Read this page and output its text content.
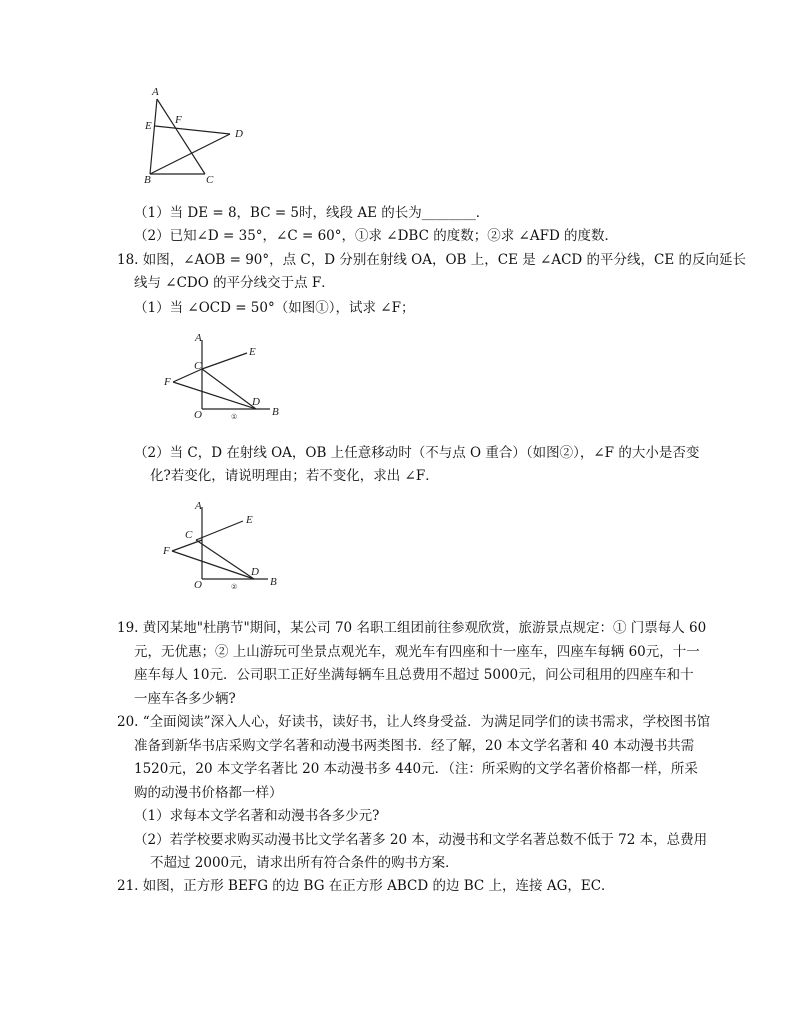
A
E F
D
B	C
（1）当 DE = 8，BC = 5时，线段 AE 的长为________．
（2）已知∠D = 35°，∠C = 60°，①求 ∠DBC 的度数；②求 ∠AFD 的度数．
18. 如图，∠AOB = 90°，点 C，D 分别在射线 OA，OB 上，CE 是 ∠ACD 的平分线，CE 的反向延长
线与 ∠CDO 的平分线交于点 F．
（1）当 ∠OCD = 50°（如图①），试求 ∠F；
A
C
E
F
O
D
B
①
（2）当 C，D 在射线 OA，OB 上任意移动时（不与点 O 重合）（如图②），∠F 的大小是否变
化?若变化，请说明理由；若不变化，求出 ∠F．
A
C
E
F
O
D
B
②
19. 黄冈某地"杜鹃节"期间，某公司 70 名职工组团前往参观欣赏，旅游景点规定：① 门票每人 60
元，无优惠；② 上山游玩可坐景点观光车，观光车有四座和十一座车，四座车每辆 60元，十一
座车每人 10元．公司职工正好坐满每辆车且总费用不超过 5000元，问公司租用的四座车和十
一座车各多少辆?
20. “全面阅读”深入人心，好读书，读好书，让人终身受益．为满足同学们的读书需求，学校图书馆
准备到新华书店采购文学名著和动漫书两类图书．经了解，20 本文学名著和 40 本动漫书共需
1520元，20 本文学名著比 20 本动漫书多 440元．（注：所采购的文学名著价格都一样，所采
购的动漫书价格都一样）
（1）求每本文学名著和动漫书各多少元?
（2）若学校要求购买动漫书比文学名著多 20 本，动漫书和文学名著总数不低于 72 本，总费用
不超过 2000元，请求出所有符合条件的购书方案．
21. 如图，正方形 BEFG 的边 BG 在正方形 ABCD 的边 BC 上，连接 AG，EC．
